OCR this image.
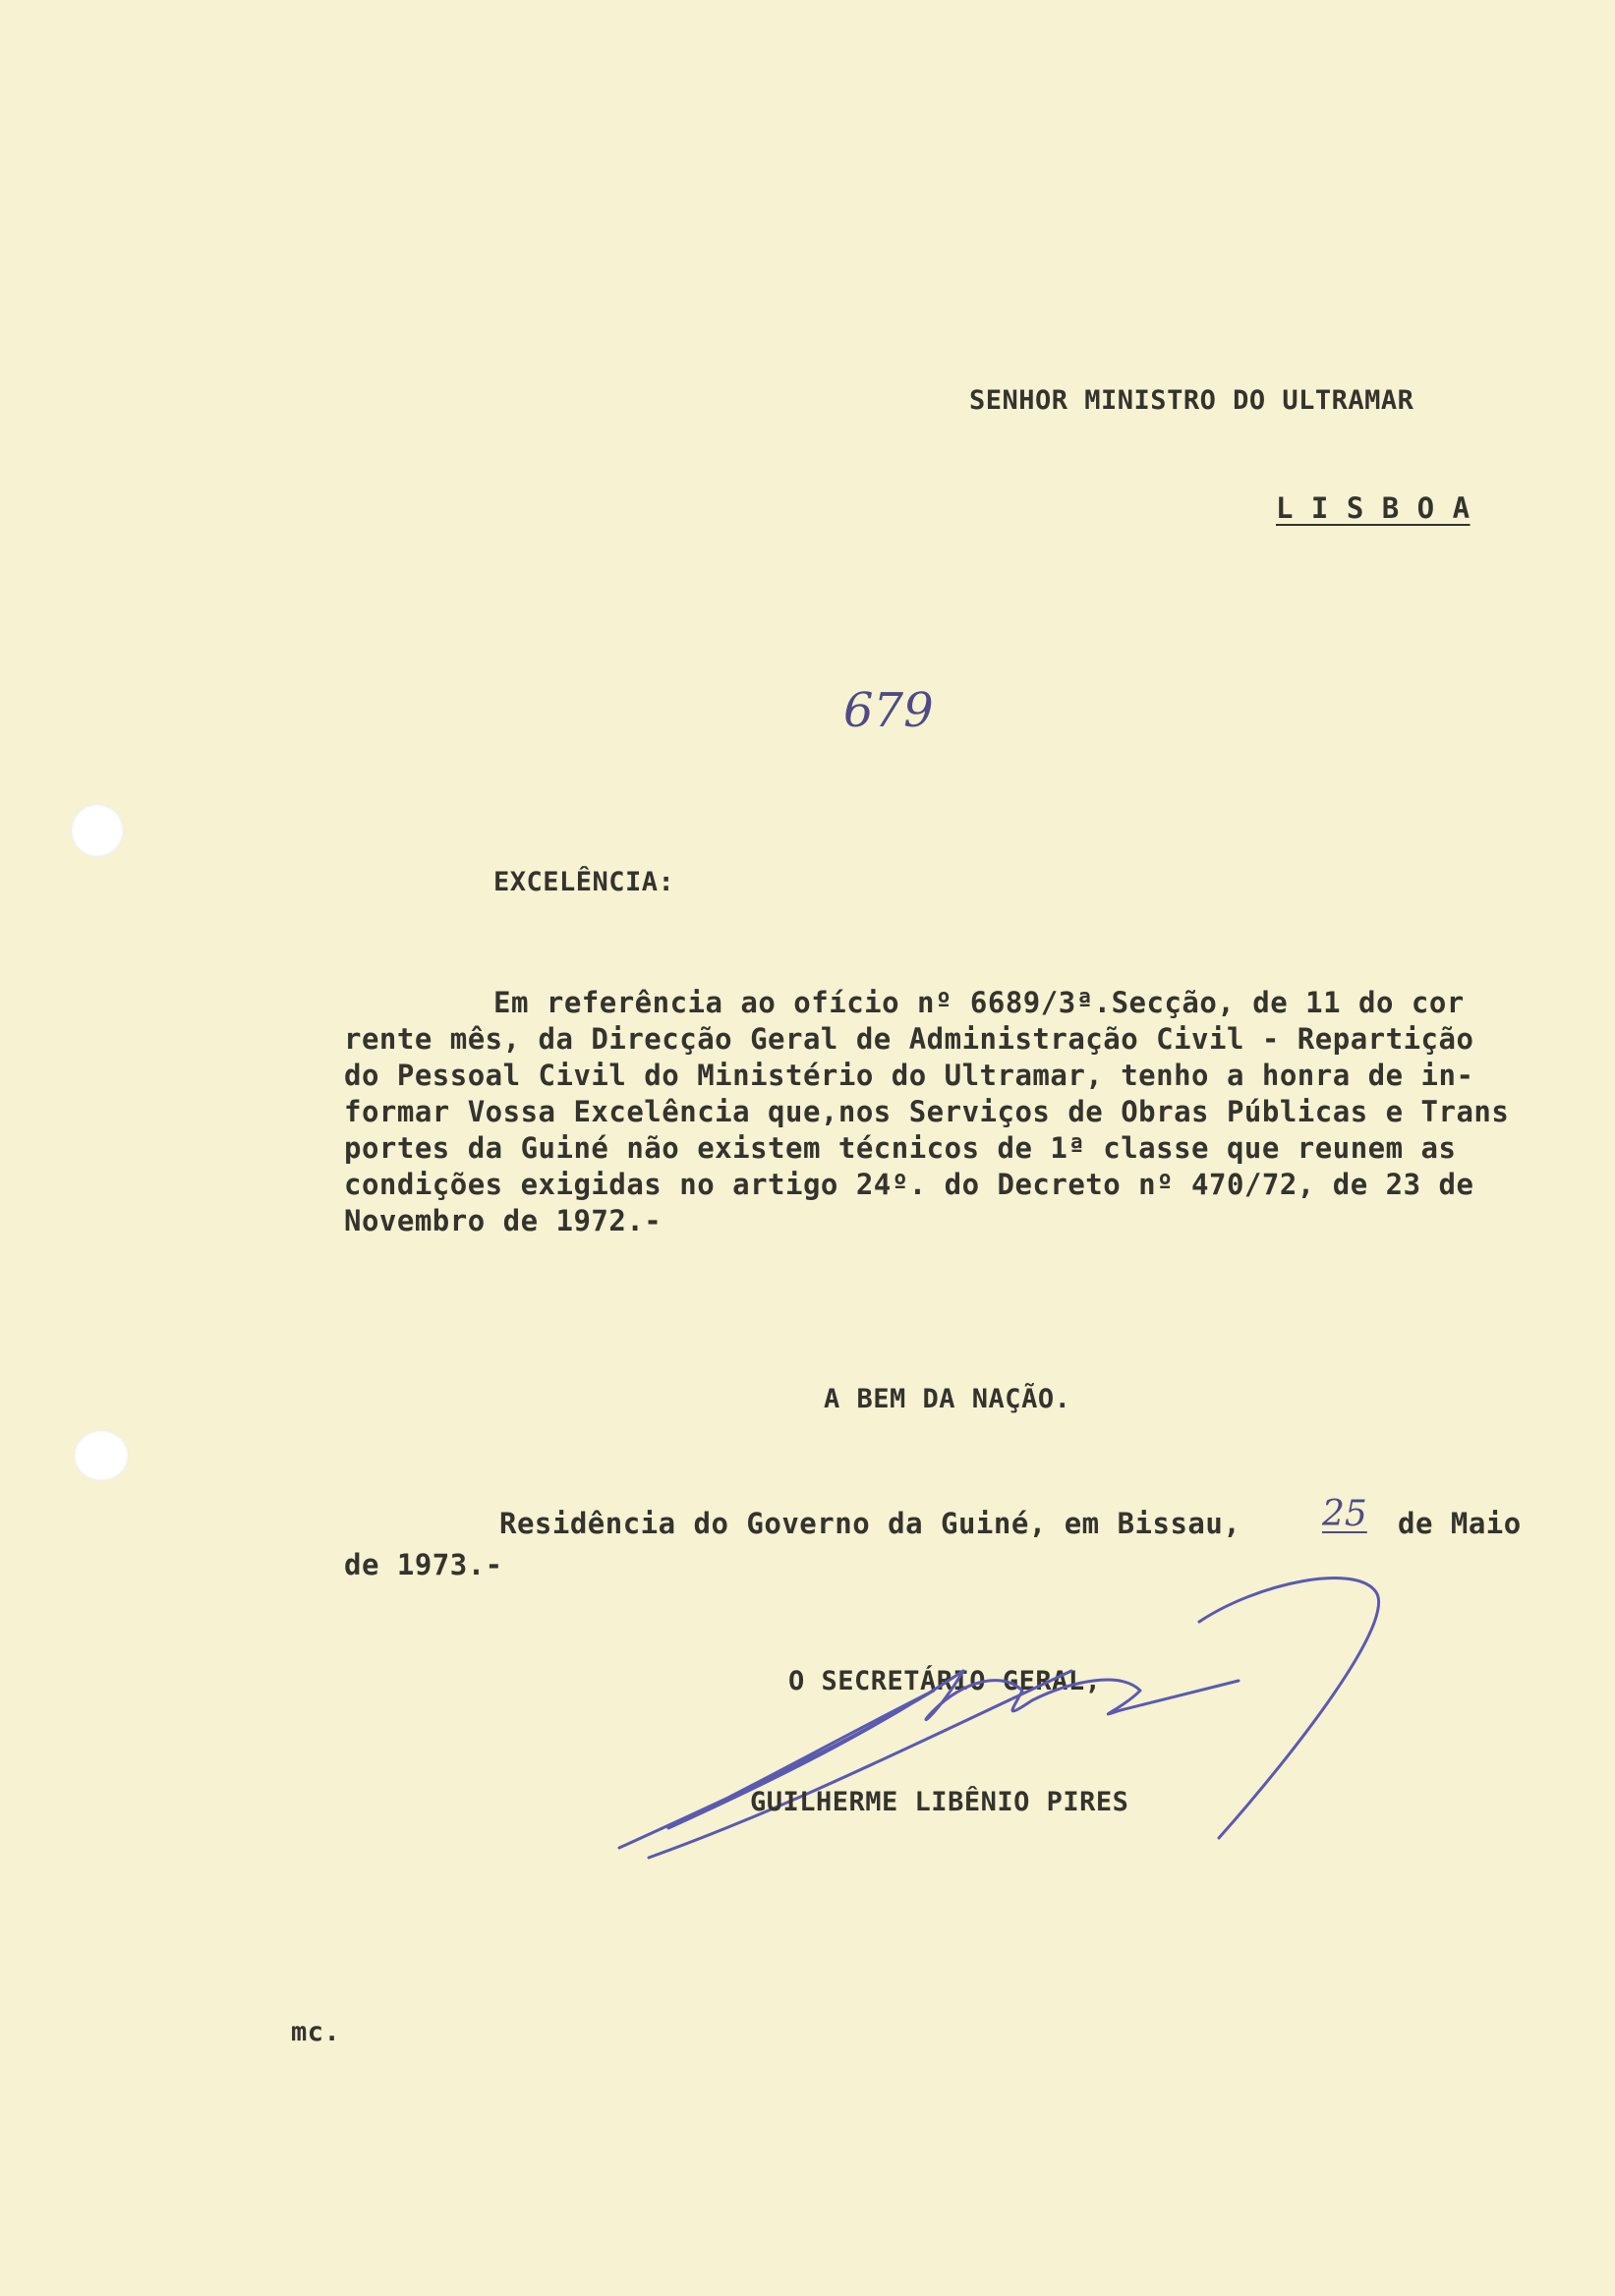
SENHOR MINISTRO DO ULTRAMAR
L I S B O A
679
EXCELÊNCIA:
Em referência ao ofício nº 6689/3ª.Secção, de 11 do cor
rente mês, da Direcção Geral de Administração Civil - Repartição
do Pessoal Civil do Ministério do Ultramar, tenho a honra de in-
formar Vossa Excelência que,nos Serviços de Obras Públicas e Trans
portes da Guiné não existem técnicos de 1ª classe que reunem as
condições exigidas no artigo 24º. do Decreto nº 470/72, de 23 de
Novembro de 1972.-
A BEM DA NAÇÃO.
Residência do Governo da Guiné, em Bissau, 25 de Maio
de 1973.-
O SECRETÁRIO GERAL,
GUILHERME LIBÊNIO PIRES
mc.
